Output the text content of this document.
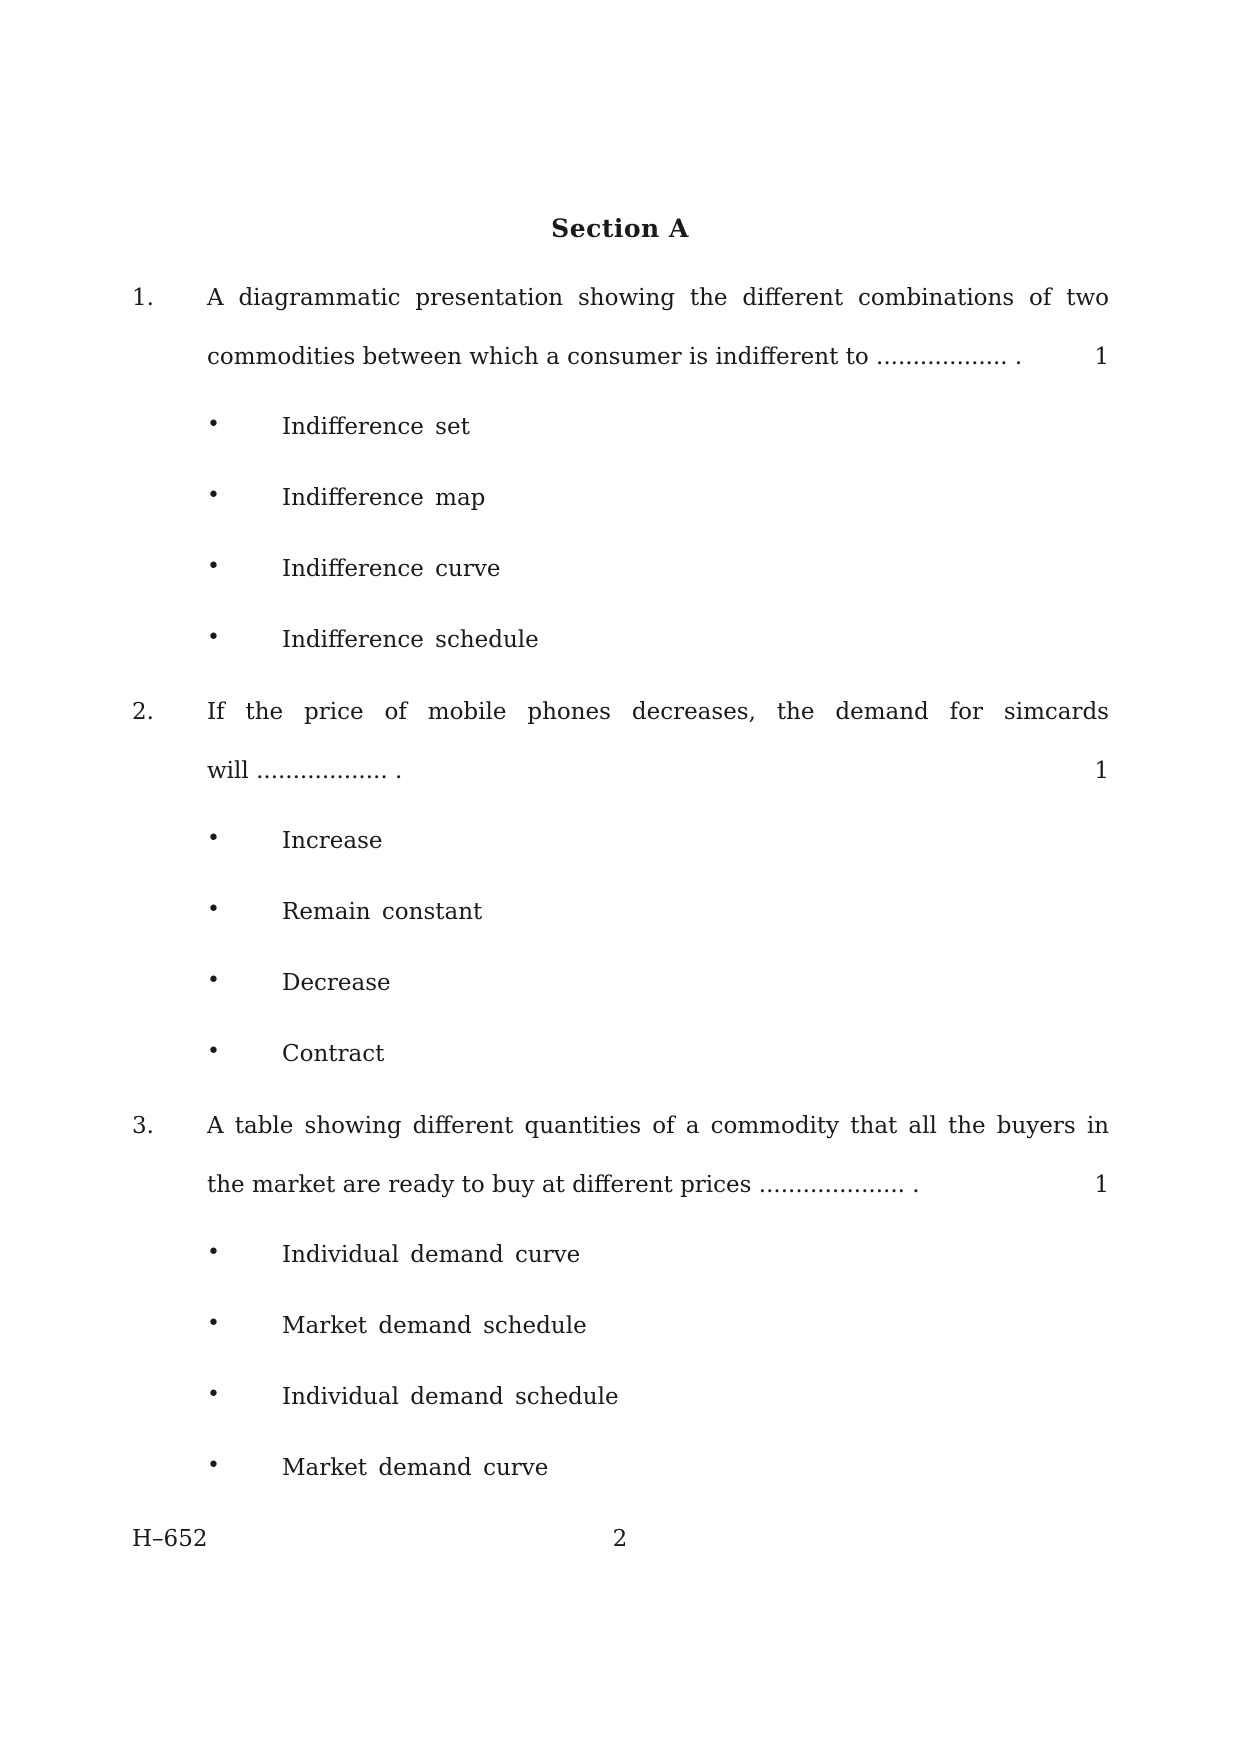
Section A
1. A diagrammatic presentation showing the different combinations of two
commodities between which a consumer is indifferent to .................. .	1
•	Indifference set
•	Indifference map
•	Indifference curve
•	Indifference schedule
2. If the price of mobile phones decreases, the demand for simcards
will .................. .	1
•	Increase
•	Remain constant
•	Decrease
•	Contract
3. A table showing different quantities of a commodity that all the buyers in
the market are ready to buy at different prices .................... .	1
•	Individual demand curve
•	Market demand schedule
•	Individual demand schedule
•	Market demand curve
H–652	2
